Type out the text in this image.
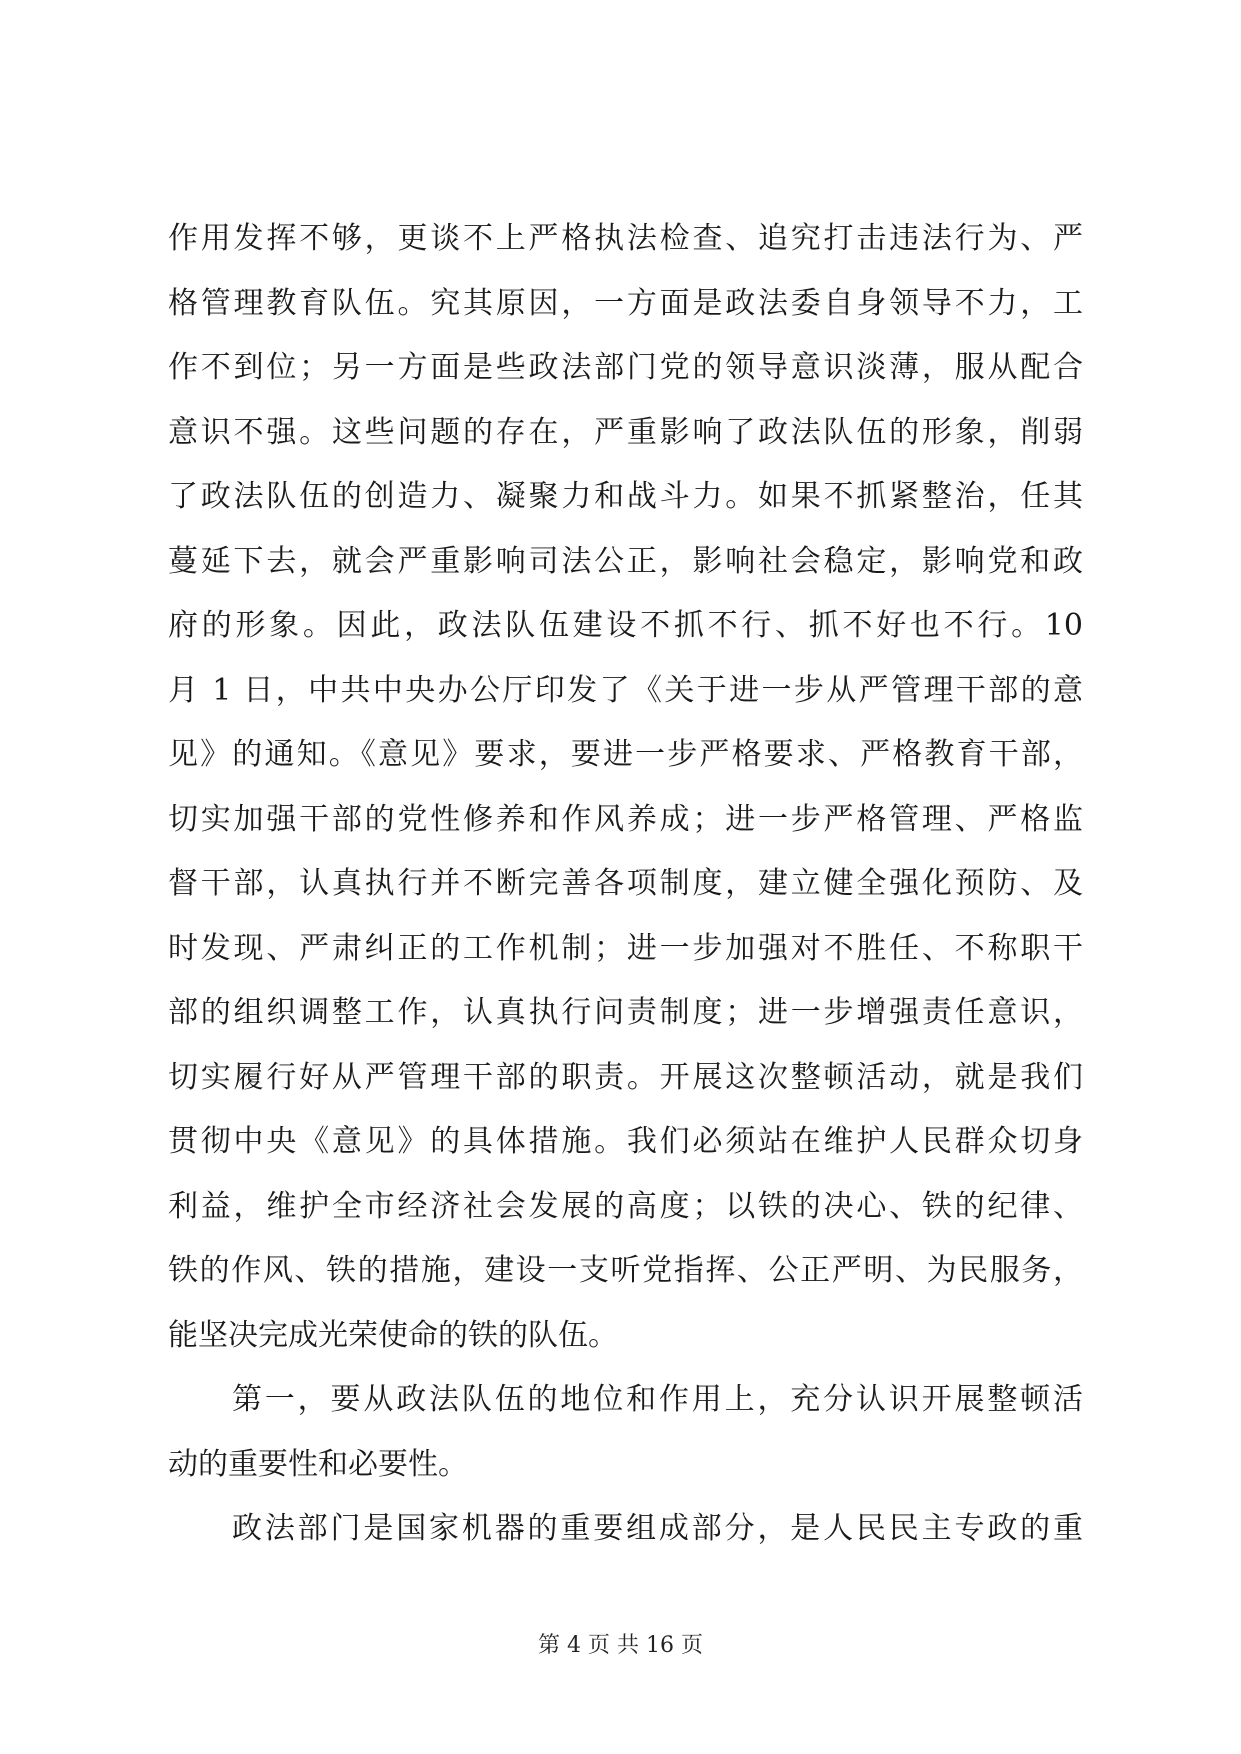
作用发挥不够，更谈不上严格执法检查、追究打击违法行为、严
格管理教育队伍。究其原因，一方面是政法委自身领导不力，工
作不到位；另一方面是些政法部门党的领导意识淡薄，服从配合
意识不强。这些问题的存在，严重影响了政法队伍的形象，削弱
了政法队伍的创造力、凝聚力和战斗力。如果不抓紧整治，任其
蔓延下去，就会严重影响司法公正，影响社会稳定，影响党和政
府的形象。因此，政法队伍建设不抓不行、抓不好也不行。10
月 1 日，中共中央办公厅印发了《关于进一步从严管理干部的意
见》的通知。《意见》要求，要进一步严格要求、严格教育干部，
切实加强干部的党性修养和作风养成；进一步严格管理、严格监
督干部，认真执行并不断完善各项制度，建立健全强化预防、及
时发现、严肃纠正的工作机制；进一步加强对不胜任、不称职干
部的组织调整工作，认真执行问责制度；进一步增强责任意识，
切实履行好从严管理干部的职责。开展这次整顿活动，就是我们
贯彻中央《意见》的具体措施。我们必须站在维护人民群众切身
利益，维护全市经济社会发展的高度；以铁的决心、铁的纪律、
铁的作风、铁的措施，建设一支听党指挥、公正严明、为民服务，
能坚决完成光荣使命的铁的队伍。
第一，要从政法队伍的地位和作用上，充分认识开展整顿活
动的重要性和必要性。
政法部门是国家机器的重要组成部分，是人民民主专政的重
第 4 页 共 16 页
